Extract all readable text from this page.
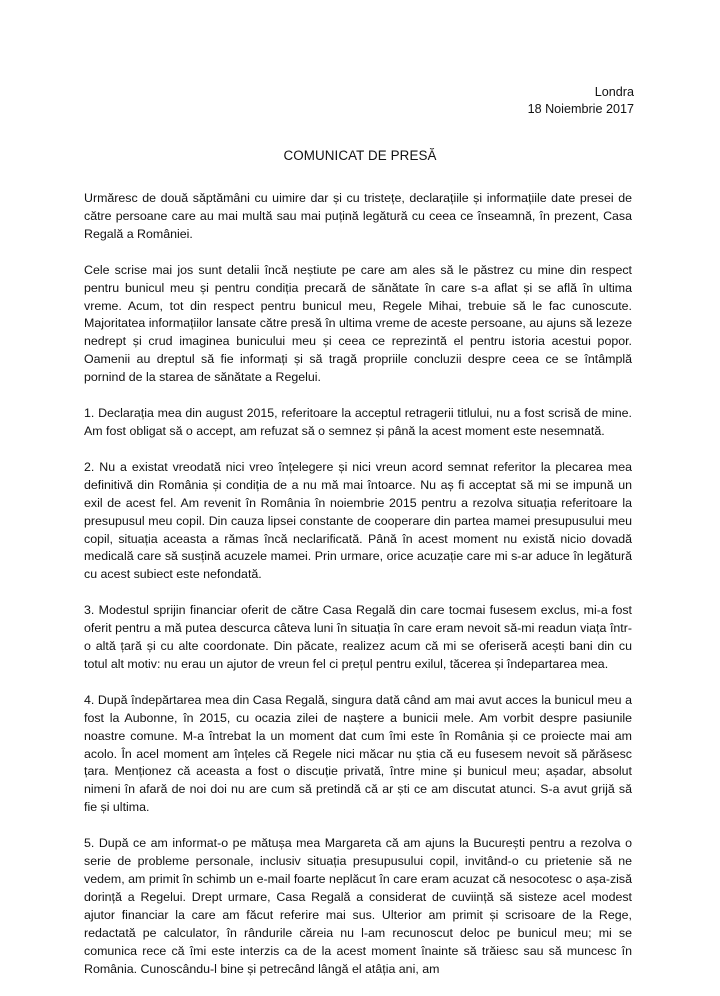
Londra
18 Noiembrie 2017
COMUNICAT DE PRESĂ

Urmăresc de două săptămâni cu uimire dar și cu tristețe, declarațiile și informațiile date presei de către persoane care au mai multă sau mai puțină legătură cu ceea ce înseamnă, în prezent, Casa Regală a României.

Cele scrise mai jos sunt detalii încă neștiute pe care am ales să le păstrez cu mine din respect pentru bunicul meu și pentru condiția precară de sănătate în care s-a aflat și se află în ultima vreme. Acum, tot din respect pentru bunicul meu, Regele Mihai, trebuie să le fac cunoscute. Majoritatea informațiilor lansate către presă în ultima vreme de aceste persoane, au ajuns să lezeze nedrept și crud imaginea bunicului meu și ceea ce reprezintă el pentru istoria acestui popor. Oamenii au dreptul să fie informați și să tragă propriile concluzii despre ceea ce se întâmplă pornind de la starea de sănătate a Regelui.

1. Declarația mea din august 2015, referitoare la acceptul retragerii titlului, nu a fost scrisă de mine. Am fost obligat să o accept, am refuzat să o semnez și până la acest moment este nesemnată.

2. Nu a existat vreodată nici vreo înțelegere și nici vreun acord semnat referitor la plecarea mea definitivă din România și condiția de a nu mă mai întoarce. Nu aș fi acceptat să mi se impună un exil de acest fel. Am revenit în România în noiembrie 2015 pentru a rezolva situația referitoare la presupusul meu copil. Din cauza lipsei constante de cooperare din partea mamei presupusului meu copil, situația aceasta a rămas încă neclarificată. Până în acest moment nu există nicio dovadă medicală care să susțină acuzele mamei. Prin urmare, orice acuzație care mi s-ar aduce în legătură cu acest subiect este nefondată.

3. Modestul sprijin financiar oferit de către Casa Regală din care tocmai fusesem exclus, mi-a fost oferit pentru a mă putea descurca câteva luni în situația în care eram nevoit să-mi readun viața într-o altă țară și cu alte coordonate. Din păcate, realizez acum că mi se oferiseră acești bani din cu totul alt motiv: nu erau un ajutor de vreun fel ci prețul pentru exilul, tăcerea și îndepartarea mea.

4. După îndepărtarea mea din Casa Regală, singura dată când am mai avut acces la bunicul meu a fost la Aubonne, în 2015, cu ocazia zilei de naștere a bunicii mele. Am vorbit despre pasiunile noastre comune. M-a întrebat la un moment dat cum îmi este în România și ce proiecte mai am acolo. În acel moment am înțeles că Regele nici măcar nu știa că eu fusesem nevoit să părăsesc țara. Menționez că aceasta a fost o discuție privată, între mine și bunicul meu; așadar, absolut nimeni în afară de noi doi nu are cum să pretindă că ar ști ce am discutat atunci. S-a avut grijă să fie și ultima.

5. După ce am informat-o pe mătușa mea Margareta că am ajuns la București pentru a rezolva o serie de probleme personale, inclusiv situația presupusului copil, invitând-o cu prietenie să ne vedem, am primit în schimb un e-mail foarte neplăcut în care eram acuzat că nesocotesc o așa-zisă dorință a Regelui. Drept urmare, Casa Regală a considerat de cuviință să sisteze acel modest ajutor financiar la care am făcut referire mai sus. Ulterior am primit și scrisoare de la Rege, redactată pe calculator, în rândurile căreia nu l-am recunoscut deloc pe bunicul meu; mi se comunica rece că îmi este interzis ca de la acest moment înainte să trăiesc sau să muncesc în România. Cunoscându-l bine și petrecând lângă el atâția ani, am
